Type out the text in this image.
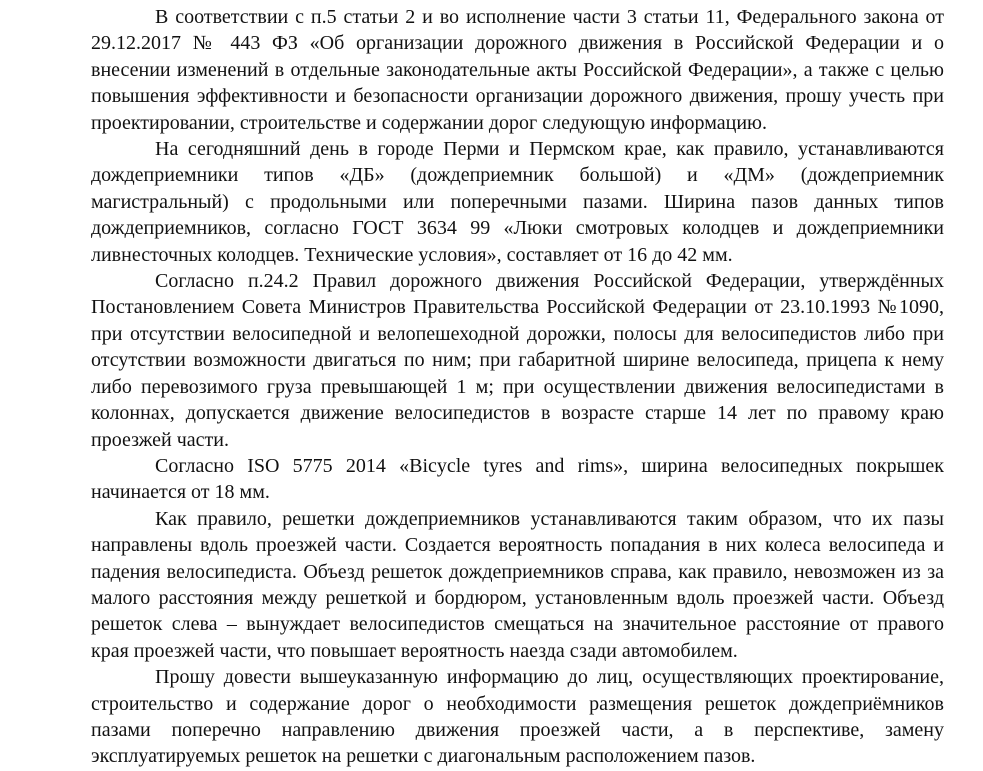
В соответствии с п.5 статьи 2 и во исполнение части 3 статьи 11, Федерального закона от
29.12.2017 № 443 ФЗ «Об организации дорожного движения в Российской Федерации и о
внесении изменений в отдельные законодательные акты Российской Федерации», а также с целью
повышения эффективности и безопасности организации дорожного движения, прошу учесть при
проектировании, строительстве и содержании дорог следующую информацию.
На сегодняшний день в городе Перми и Пермском крае, как правило, устанавливаются
дождеприемники типов «ДБ» (дождеприемник большой) и «ДМ» (дождеприемник
магистральный) с продольными или поперечными пазами. Ширина пазов данных типов
дождеприемников, согласно ГОСТ 3634 99 «Люки смотровых колодцев и дождеприемники
ливнесточных колодцев. Технические условия», составляет от 16 до 42 мм.
Согласно п.24.2 Правил дорожного движения Российской Федерации, утверждённых
Постановлением Совета Министров Правительства Российской Федерации от 23.10.1993 №1090,
при отсутствии велосипедной и велопешеходной дорожки, полосы для велосипедистов либо при
отсутствии возможности двигаться по ним; при габаритной ширине велосипеда, прицепа к нему
либо перевозимого груза превышающей 1 м; при осуществлении движения велосипедистами в
колоннах, допускается движение велосипедистов в возрасте старше 14 лет по правому краю
проезжей части.
Согласно ISO 5775 2014 «Bicycle tyres and rims», ширина велосипедных покрышек
начинается от 18 мм.
Как правило, решетки дождеприемников устанавливаются таким образом, что их пазы
направлены вдоль проезжей части. Создается вероятность попадания в них колеса велосипеда и
падения велосипедиста. Объезд решеток дождеприемников справа, как правило, невозможен из за
малого расстояния между решеткой и бордюром, установленным вдоль проезжей части. Объезд
решеток слева – вынуждает велосипедистов смещаться на значительное расстояние от правого
края проезжей части, что повышает вероятность наезда сзади автомобилем.
Прошу довести вышеуказанную информацию до лиц, осуществляющих проектирование,
строительство и содержание дорог о необходимости размещения решеток дождеприёмников
пазами поперечно направлению движения проезжей части, а в перспективе, замену
эксплуатируемых решеток на решетки с диагональным расположением пазов.
